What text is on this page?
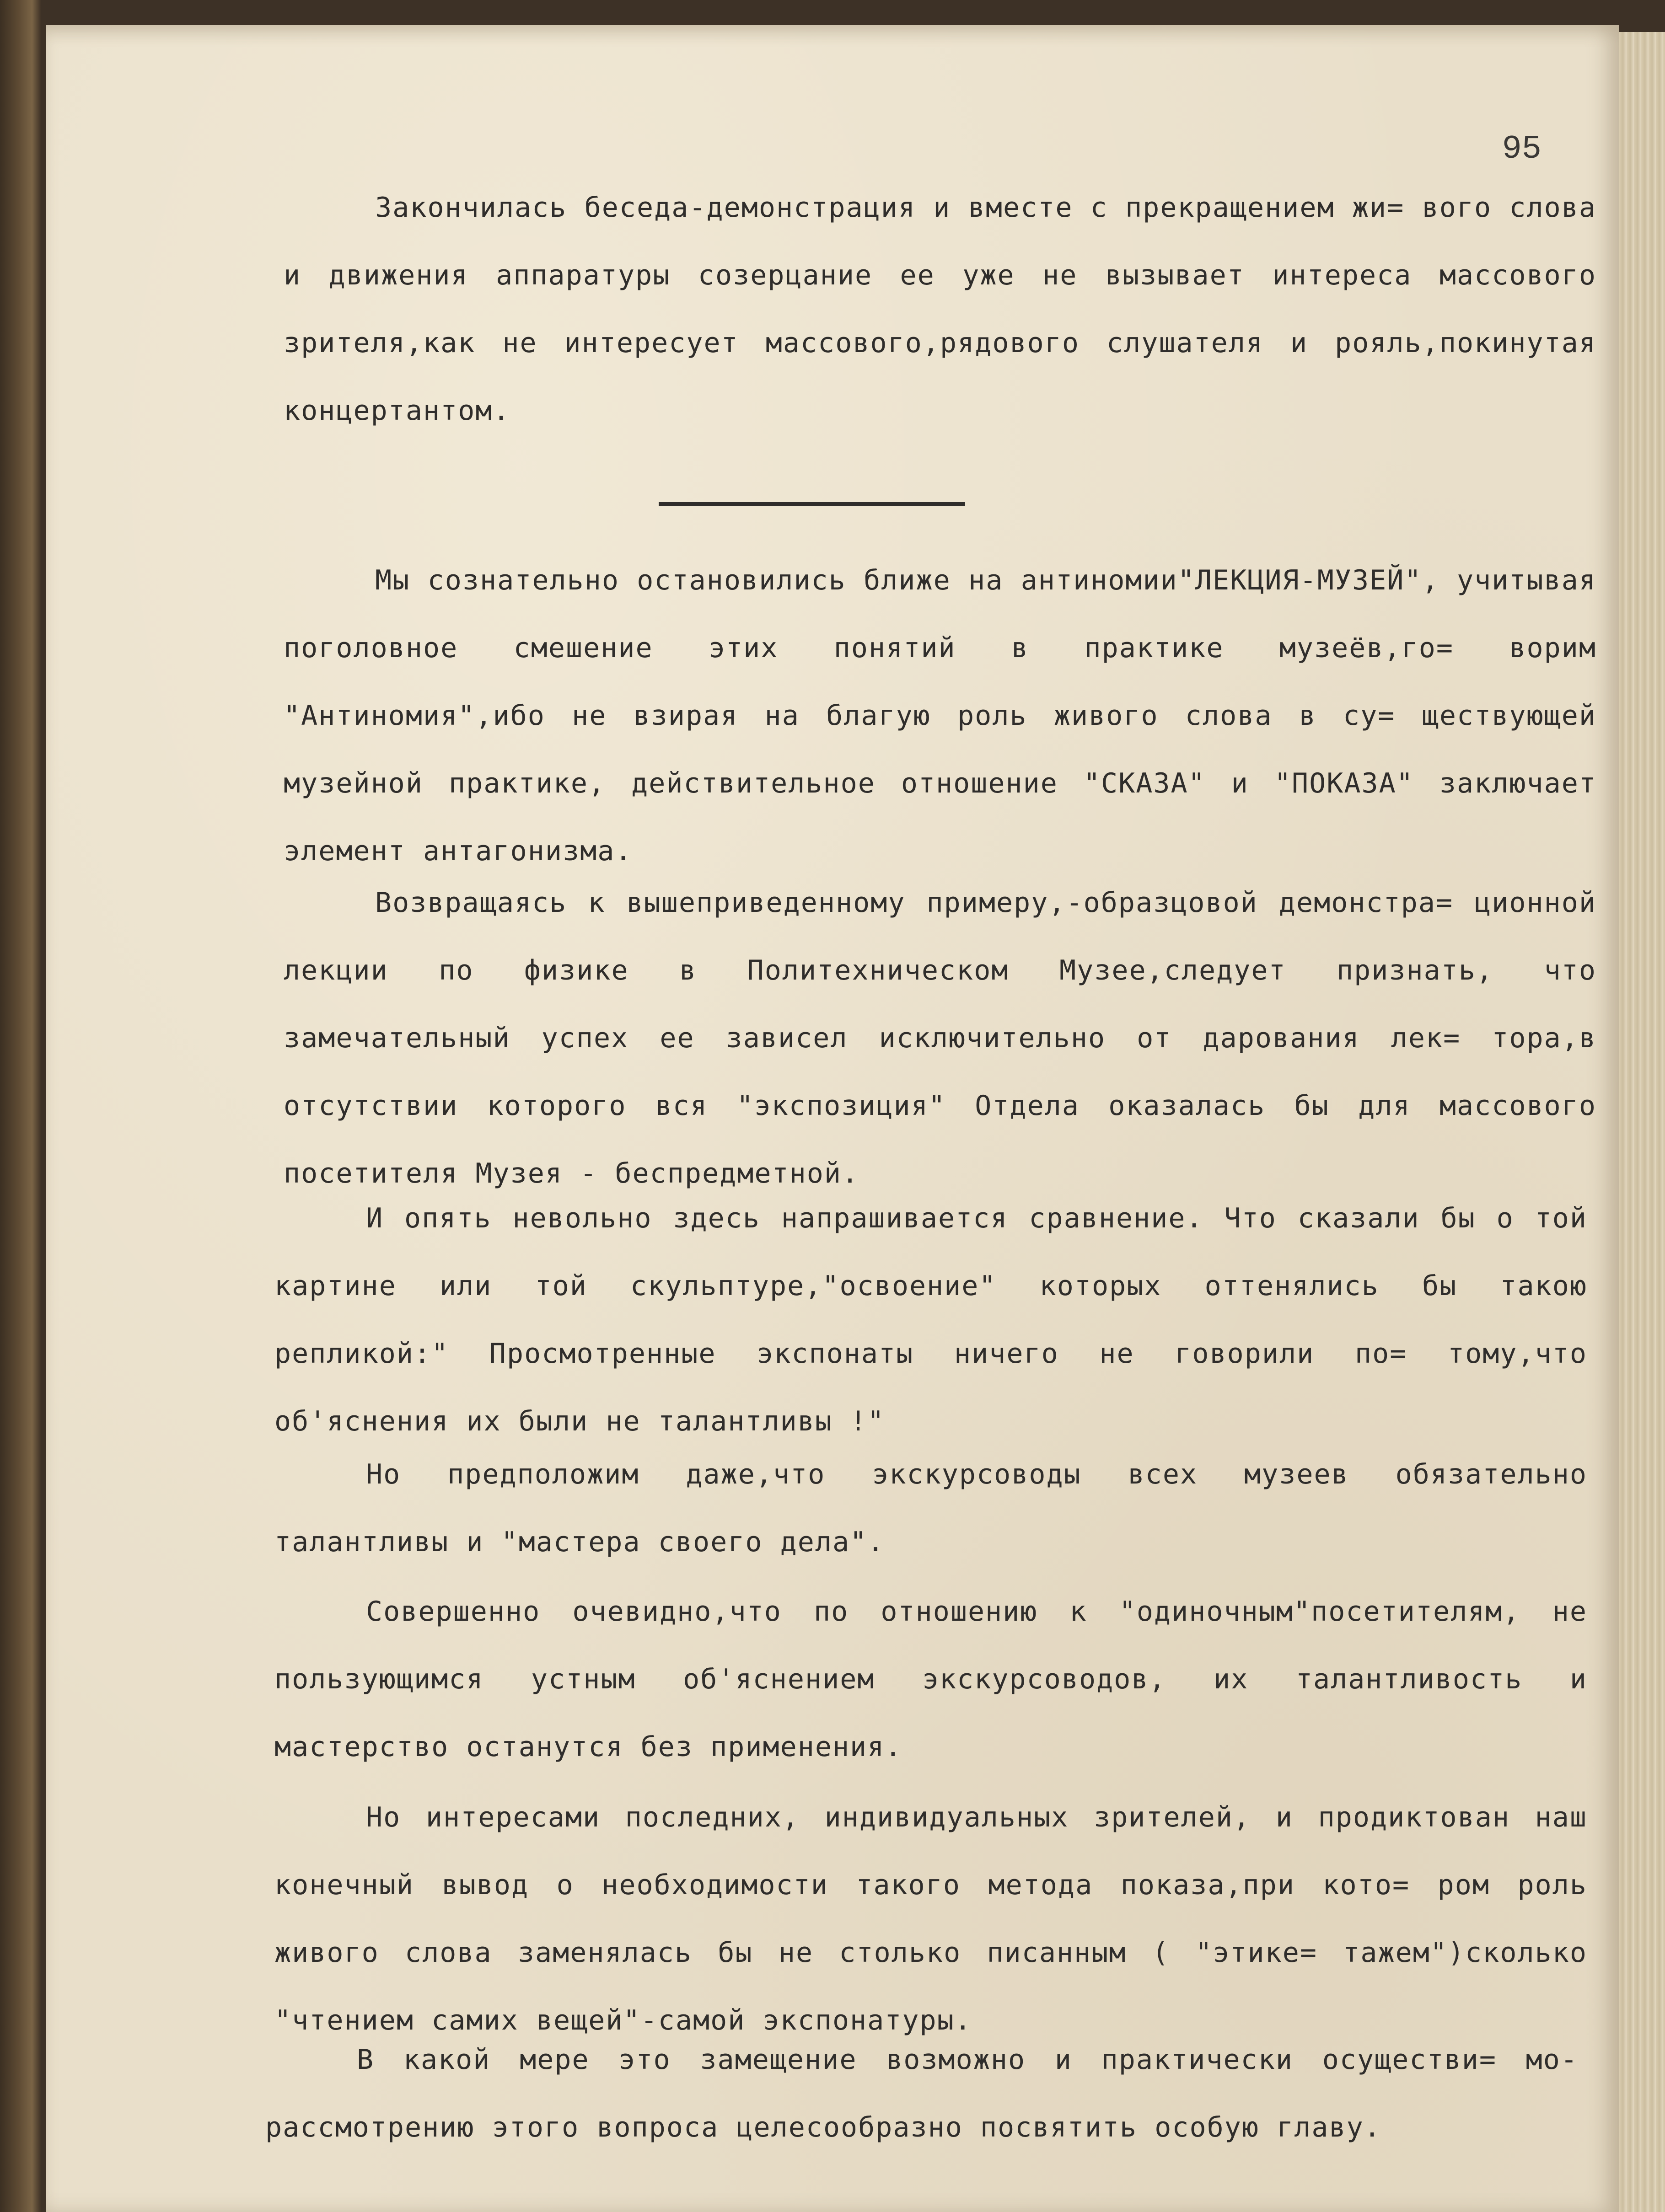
95

Закончилась беседа-демонстрация и вместе с прекращением жи= вого слова и движения аппаратуры созерцание ее уже не вызывает интереса массового зрителя,как не интересует массового,рядового слушателя и рояль,покинутая концертантом.

Мы сознательно остановились ближе на антиномии"ЛЕКЦИЯ-МУЗЕЙ", учитывая поголовное смешение этих понятий в практике музеёв,го= ворим "Антиномия",ибо не взирая на благую роль живого слова в су= ществующей музейной практике, действительное отношение "СКАЗА" и "ПОКАЗА" заключает элемент антагонизма.

Возвращаясь к вышеприведенному примеру,-образцовой демонстра= ционной лекции по физике в Политехническом Музее,следует признать, что замечательный успех ее зависел исключительно от дарования лек= тора,в отсутствии которого вся "экспозиция" Отдела оказалась бы для массового посетителя Музея - беспредметной.

И опять невольно здесь напрашивается сравнение. Что сказали бы о той картине или той скульптуре,"освоение" которых оттенялись бы такою репликой:" Просмотренные экспонаты ничего не говорили по= тому,что об'яснения их были не талантливы !"

Но предположим даже,что экскурсоводы всех музеев обязательно талантливы и "мастера своего дела".

Совершенно очевидно,что по отношению к "одиночным"посетителям, не пользующимся устным об'яснением экскурсоводов, их талантливость и мастерство останутся без применения.

Но интересами последних, индивидуальных зрителей, и продиктован наш конечный вывод о необходимости такого метода показа,при кото= ром роль живого слова заменялась бы не столько писанным ( "этике= тажем")сколько "чтением самих вещей"-самой экспонатуры.

В какой мере это замещение возможно и практически осуществи= мо-рассмотрению этого вопроса целесообразно посвятить особую главу.
